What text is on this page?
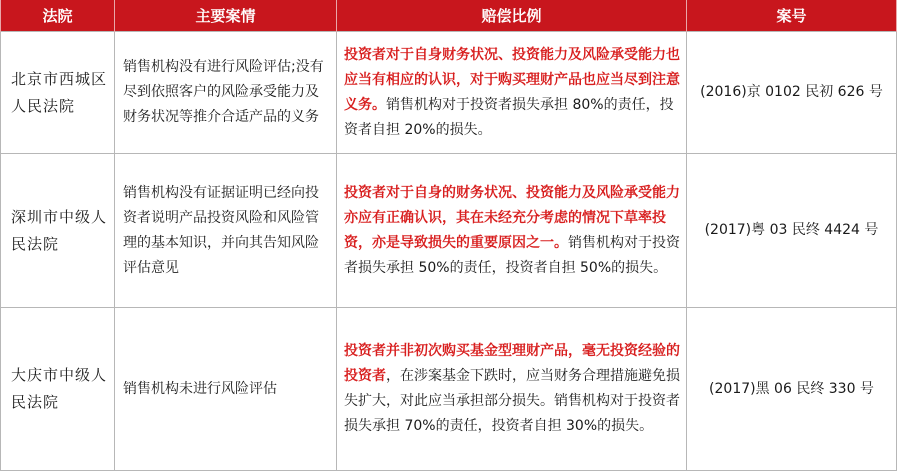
法院	主要案情	赔偿比例	案号
北京市西城区人民法院	销售机构没有进行风险评估;没有尽到依照客户的风险承受能力及财务状况等推介合适产品的义务	投资者对于自身财务状况、投资能力及风险承受能力也应当有相应的认识，对于购买理财产品也应当尽到注意义务。销售机构对于投资者损失承担 80%的责任，投资者自担 20%的损失。	(2016)京 0102 民初 626 号
深圳市中级人民法院	销售机构没有证据证明已经向投资者说明产品投资风险和风险管理的基本知识，并向其告知风险评估意见	投资者对于自身的财务状况、投资能力及风险承受能力亦应有正确认识，其在未经充分考虑的情况下草率投资，亦是导致损失的重要原因之一。销售机构对于投资者损失承担 50%的责任，投资者自担 50%的损失。	(2017)粤 03 民终 4424 号
大庆市中级人民法院	销售机构未进行风险评估	投资者并非初次购买基金型理财产品，毫无投资经验的投资者，在涉案基金下跌时，应当财务合理措施避免损失扩大，对此应当承担部分损失。销售机构对于投资者损失承担 70%的责任，投资者自担 30%的损失。	(2017)黑 06 民终 330 号
